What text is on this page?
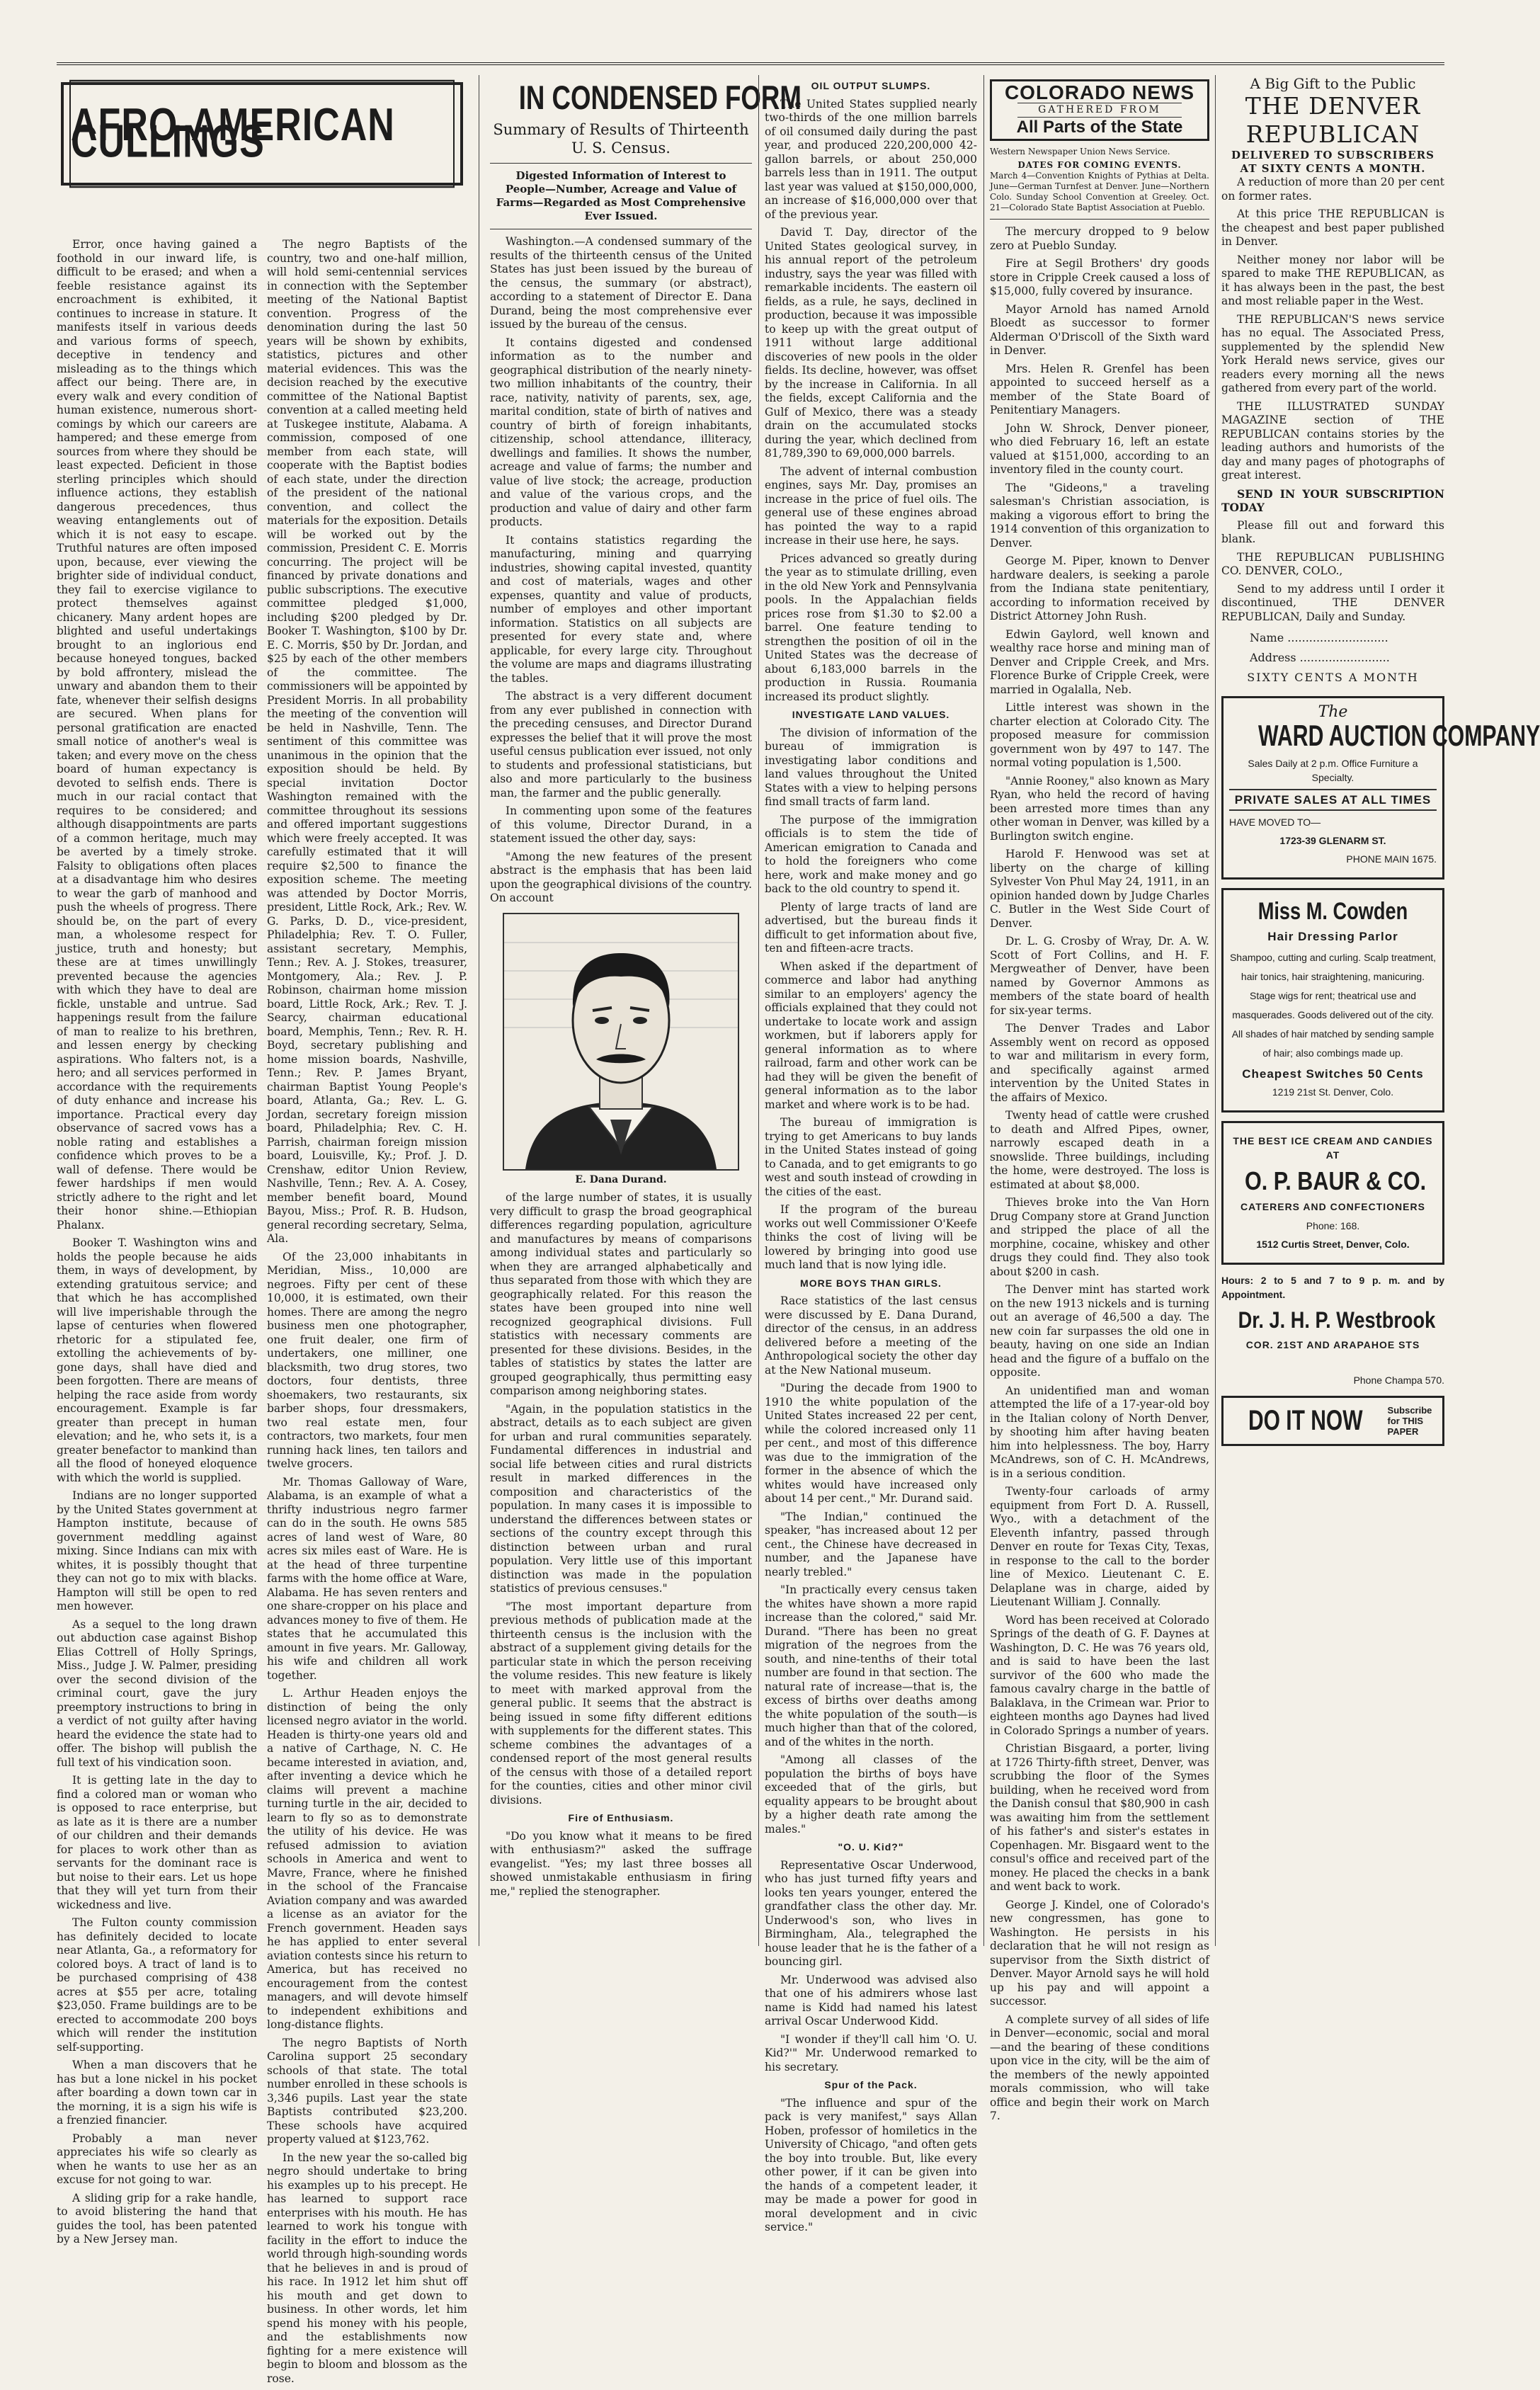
AFRO-AMERICAN CULLINGS

Error, once having gained a foothold in our inward life, is difficult to be erased; and when a feeble resistance against its encroachment is exhibited, it continues to increase in stature. It manifests itself in various deeds and various forms of speech, deceptive in tendency and misleading as to the things which affect our being. There are, in every walk and every condition of human existence, numerous short-comings by which our careers are hampered; and these emerge from sources from where they should be least expected. Deficient in those sterling principles which should influence actions, they establish dangerous precedences, thus weaving entanglements out of which it is not easy to escape. Truthful natures are often imposed upon, because, ever viewing the brighter side of individual conduct, they fail to exercise vigilance to protect themselves against chicanery. Many ardent hopes are blighted and useful undertakings brought to an inglorious end because honeyed tongues, backed by bold affrontery, mislead the unwary and abandon them to their fate, whenever their selfish designs are secured. When plans for personal gratification are enacted small notice of another's weal is taken; and every move on the chess board of human expectancy is devoted to selfish ends. There is much in our racial contact that requires to be considered; and although disappointments are parts of a common heritage, much may be averted by a timely stroke. Falsity to obligations often places at a disadvantage him who desires to wear the garb of manhood and push the wheels of progress. There should be, on the part of every man, a wholesome respect for justice, truth and honesty; but these are at times unwillingly prevented because the agencies with which they have to deal are fickle, unstable and untrue. Sad happenings result from the failure of man to realize to his brethren, and lessen energy by checking aspirations. Who falters not, is a hero; and all services performed in accordance with the requirements of duty enhance and increase his importance. Practical every day observance of sacred vows has a noble rating and establishes a confidence which proves to be a wall of defense. There would be fewer hardships if men would strictly adhere to the right and let their honor shine.—Ethiopian Phalanx.

Booker T. Washington wins and holds the people because he aids them, in ways of development, by extending gratuitous service; and that which he has accomplished will live imperishable through the lapse of centuries when flowered rhetoric for a stipulated fee, extolling the achievements of by-gone days, shall have died and been forgotten. There are means of helping the race aside from wordy encouragement. Example is far greater than precept in human elevation; and he, who sets it, is a greater benefactor to mankind than all the flood of honeyed eloquence with which the world is supplied.

Indians are no longer supported by the United States government at Hampton institute, because of government meddling against mixing. Since Indians can mix with whites, it is possibly thought that they can not go to mix with blacks. Hampton will still be open to red men however.

As a sequel to the long drawn out abduction case against Bishop Elias Cottrell of Holly Springs, Miss., Judge J. W. Palmer, presiding over the second division of the criminal court, gave the jury preemptory instructions to bring in a verdict of not guilty after having heard the evidence the state had to offer. The bishop will publish the full text of his vindication soon.

It is getting late in the day to find a colored man or woman who is opposed to race enterprise, but as late as it is there are a number of our children and their demands for places to work other than as servants for the dominant race is but noise to their ears. Let us hope that they will yet turn from their wickedness and live.

The Fulton county commission has definitely decided to locate near Atlanta, Ga., a reformatory for colored boys. A tract of land is to be purchased comprising of 438 acres at $55 per acre, totaling $23,050. Frame buildings are to be erected to accommodate 200 boys which will render the institution self-supporting.

When a man discovers that he has but a lone nickel in his pocket after boarding a down town car in the morning, it is a sign his wife is a frenzied financier.

Probably a man never appreciates his wife so clearly as when he wants to use her as an excuse for not going to war.

A sliding grip for a rake handle, to avoid blistering the hand that guides the tool, has been patented by a New Jersey man.

The negro Baptists of the country, two and one-half million, will hold semi-centennial services in connection with the September meeting of the National Baptist convention. Progress of the denomination during the last 50 years will be shown by exhibits, statistics, pictures and other material evidences. This was the decision reached by the executive committee of the National Baptist convention at a called meeting held at Tuskegee institute, Alabama. A commission, composed of one member from each state, will cooperate with the Baptist bodies of each state, under the direction of the president of the national convention, and collect the materials for the exposition. Details will be worked out by the commission, President C. E. Morris concurring. The project will be financed by private donations and public subscriptions. The executive committee pledged $1,000, including $200 pledged by Dr. Booker T. Washington, $100 by Dr. E. C. Morris, $50 by Dr. Jordan, and $25 by each of the other members of the committee. The commissioners will be appointed by President Morris. In all probability the meeting of the convention will be held in Nashville, Tenn. The sentiment of this committee was unanimous in the opinion that the exposition should be held. By special invitation Doctor Washington remained with the committee throughout its sessions and offered important suggestions which were freely accepted. It was carefully estimated that it will require $2,500 to finance the exposition scheme. The meeting was attended by Doctor Morris, president, Little Rock, Ark.; Rev. W. G. Parks, D. D., vice-president, Philadelphia; Rev. T. O. Fuller, assistant secretary, Memphis, Tenn.; Rev. A. J. Stokes, treasurer, Montgomery, Ala.; Rev. J. P. Robinson, chairman home mission board, Little Rock, Ark.; Rev. T. J. Searcy, chairman educational board, Memphis, Tenn.; Rev. R. H. Boyd, secretary publishing and home mission boards, Nashville, Tenn.; Rev. P. James Bryant, chairman Baptist Young People's board, Atlanta, Ga.; Rev. L. G. Jordan, secretary foreign mission board, Philadelphia; Rev. C. H. Parrish, chairman foreign mission board, Louisville, Ky.; Prof. J. D. Crenshaw, editor Union Review, Nashville, Tenn.; Rev. A. A. Cosey, member benefit board, Mound Bayou, Miss.; Prof. R. B. Hudson, general recording secretary, Selma, Ala.

Of the 23,000 inhabitants in Meridian, Miss., 10,000 are negroes. Fifty per cent of these 10,000, it is estimated, own their homes. There are among the negro business men one photographer, one fruit dealer, one firm of undertakers, one milliner, one blacksmith, two drug stores, two doctors, four dentists, three shoemakers, two restaurants, six barber shops, four dressmakers, two real estate men, four contractors, two markets, four men running hack lines, ten tailors and twelve grocers.

Mr. Thomas Galloway of Ware, Alabama, is an example of what a thrifty industrious negro farmer can do in the south. He owns 585 acres of land west of Ware, 80 acres six miles east of Ware. He is at the head of three turpentine farms with the home office at Ware, Alabama. He has seven renters and one share-cropper on his place and advances money to five of them. He states that he accumulated this amount in five years. Mr. Galloway, his wife and children all work together.

L. Arthur Headen enjoys the distinction of being the only licensed negro aviator in the world. Headen is thirty-one years old and a native of Carthage, N. C. He became interested in aviation, and, after inventing a device which he claims will prevent a machine turning turtle in the air, decided to learn to fly so as to demonstrate the utility of his device. He was refused admission to aviation schools in America and went to Mavre, France, where he finished in the school of the Francaise Aviation company and was awarded a license as an aviator for the French government. Headen says he has applied to enter several aviation contests since his return to America, but has received no encouragement from the contest managers, and will devote himself to independent exhibitions and long-distance flights.

The negro Baptists of North Carolina support 25 secondary schools of that state. The total number enrolled in these schools is 3,346 pupils. Last year the state Baptists contributed $23,200. These schools have acquired property valued at $123,762.

In the new year the so-called big negro should undertake to bring his examples up to his precept. He has learned to support race enterprises with his mouth. He has learned to work his tongue with facility in the effort to induce the world through high-sounding words that he believes in and is proud of his race. In 1912 let him shut off his mouth and get down to business. In other words, let him spend his money with his people, and the establishments now fighting for a mere existence will begin to bloom and blossom as the rose.

IN CONDENSED FORM
Summary of Results of Thirteenth U. S. Census.
Digested Information of Interest to People—Number, Acreage and Value of Farms—Regarded as Most Comprehensive Ever Issued.

Washington.—A condensed summary of the results of the thirteenth census of the United States has just been issued by the bureau of the census, the summary (or abstract), according to a statement of Director E. Dana Durand, being the most comprehensive ever issued by the bureau of the census.

It contains digested and condensed information as to the number and geographical distribution of the nearly ninety-two million inhabitants of the country, their race, nativity, nativity of parents, sex, age, marital condition, state of birth of natives and country of birth of foreign inhabitants, citizenship, school attendance, illiteracy, dwellings and families. It shows the number, acreage and value of farms; the number and value of live stock; the acreage, production and value of the various crops, and the production and value of dairy and other farm products.

It contains statistics regarding the manufacturing, mining and quarrying industries, showing capital invested, quantity and cost of materials, wages and other expenses, quantity and value of products, number of employes and other important information. Statistics on all subjects are presented for every state and, where applicable, for every large city. Throughout the volume are maps and diagrams illustrating the tables.

The abstract is a very different document from any ever published in connection with the preceding censuses, and Director Durand expresses the belief that it will prove the most useful census publication ever issued, not only to students and professional statisticians, but also and more particularly to the business man, the farmer and the public generally.

In commenting upon some of the features of this volume, Director Durand, in a statement issued the other day, says:

"Among the new features of the present abstract is the emphasis that has been laid upon the geographical divisions of the country. On account

E. Dana Durand.

of the large number of states, it is usually very difficult to grasp the broad geographical differences regarding population, agriculture and manufactures by means of comparisons among individual states and particularly so when they are arranged alphabetically and thus separated from those with which they are geographically related. For this reason the states have been grouped into nine well recognized geographical divisions. Full statistics with necessary comments are presented for these divisions. Besides, in the tables of statistics by states the latter are grouped geographically, thus permitting easy comparison among neighboring states.

"Again, in the population statistics in the abstract, details as to each subject are given for urban and rural communities separately. Fundamental differences in industrial and social life between cities and rural districts result in marked differences in the composition and characteristics of the population. In many cases it is impossible to understand the differences between states or sections of the country except through this distinction between urban and rural population. Very little use of this important distinction was made in the population statistics of previous censuses."

"The most important departure from previous methods of publication made at the thirteenth census is the inclusion with the abstract of a supplement giving details for the particular state in which the person receiving the volume resides. This new feature is likely to meet with marked approval from the general public. It seems that the abstract is being issued in some fifty different editions with supplements for the different states. This scheme combines the advantages of a condensed report of the most general results of the census with those of a detailed report for the counties, cities and other minor civil divisions.

Fire of Enthusiasm.

"Do you know what it means to be fired with enthusiasm?" asked the suffrage evangelist. "Yes; my last three bosses all showed unmistakable enthusiasm in firing me," replied the stenographer.

OIL OUTPUT SLUMPS.

The United States supplied nearly two-thirds of the one million barrels of oil consumed daily during the past year, and produced 220,200,000 42-gallon barrels, or about 250,000 barrels less than in 1911. The output last year was valued at $150,000,000, an increase of $16,000,000 over that of the previous year.

David T. Day, director of the United States geological survey, in his annual report of the petroleum industry, says the year was filled with remarkable incidents. The eastern oil fields, as a rule, he says, declined in production, because it was impossible to keep up with the great output of 1911 without large additional discoveries of new pools in the older fields. Its decline, however, was offset by the increase in California. In all the fields, except California and the Gulf of Mexico, there was a steady drain on the accumulated stocks during the year, which declined from 81,789,390 to 69,000,000 barrels.

The advent of internal combustion engines, says Mr. Day, promises an increase in the price of fuel oils. The general use of these engines abroad has pointed the way to a rapid increase in their use here, he says.

Prices advanced so greatly during the year as to stimulate drilling, even in the old New York and Pennsylvania pools. In the Appalachian fields prices rose from $1.30 to $2.00 a barrel. One feature tending to strengthen the position of oil in the United States was the decrease of about 6,183,000 barrels in the production in Russia. Roumania increased its product slightly.

INVESTIGATE LAND VALUES.

The division of information of the bureau of immigration is investigating labor conditions and land values throughout the United States with a view to helping persons find small tracts of farm land.

The purpose of the immigration officials is to stem the tide of American emigration to Canada and to hold the foreigners who come here, work and make money and go back to the old country to spend it.

Plenty of large tracts of land are advertised, but the bureau finds it difficult to get information about five, ten and fifteen-acre tracts.

When asked if the department of commerce and labor had anything similar to an employers' agency the officials explained that they could not undertake to locate work and assign workmen, but if laborers apply for general information as to where railroad, farm and other work can be had they will be given the benefit of general information as to the labor market and where work is to be had.

The bureau of immigration is trying to get Americans to buy lands in the United States instead of going to Canada, and to get emigrants to go west and south instead of crowding in the cities of the east.

If the program of the bureau works out well Commissioner O'Keefe thinks the cost of living will be lowered by bringing into good use much land that is now lying idle.

MORE BOYS THAN GIRLS.

Race statistics of the last census were discussed by E. Dana Durand, director of the census, in an address delivered before a meeting of the Anthropological society the other day at the New National museum.

"During the decade from 1900 to 1910 the white population of the United States increased 22 per cent, while the colored increased only 11 per cent., and most of this difference was due to the immigration of the former in the absence of which the whites would have increased only about 14 per cent.," Mr. Durand said.

"The Indian," continued the speaker, "has increased about 12 per cent., the Chinese have decreased in number, and the Japanese have nearly trebled."

"In practically every census taken the whites have shown a more rapid increase than the colored," said Mr. Durand. "There has been no great migration of the negroes from the south, and nine-tenths of their total number are found in that section. The natural rate of increase—that is, the excess of births over deaths among the white population of the south—is much higher than that of the colored, and of the whites in the north.

"Among all classes of the population the births of boys have exceeded that of the girls, but equality appears to be brought about by a higher death rate among the males."

"O. U. Kid?"

Representative Oscar Underwood, who has just turned fifty years and looks ten years younger, entered the grandfather class the other day. Mr. Underwood's son, who lives in Birmingham, Ala., telegraphed the house leader that he is the father of a bouncing girl.

Mr. Underwood was advised also that one of his admirers whose last name is Kidd had named his latest arrival Oscar Underwood Kidd.

"I wonder if they'll call him 'O. U. Kid?'" Mr. Underwood remarked to his secretary.

Spur of the Pack.

"The influence and spur of the pack is very manifest," says Allan Hoben, professor of homiletics in the University of Chicago, "and often gets the boy into trouble. But, like every other power, if it can be given into the hands of a competent leader, it may be made a power for good in moral development and in civic service."

COLORADO NEWS
GATHERED FROM
All Parts of the State
Western Newspaper Union News Service.
DATES FOR COMING EVENTS.
March 4—Convention Knights of Pythias at Delta. June—German Turnfest at Denver. June—Northern Colo. Sunday School Convention at Greeley. Oct. 21—Colorado State Baptist Association at Pueblo.

The mercury dropped to 9 below zero at Pueblo Sunday.

Fire at Segil Brothers' dry goods store in Cripple Creek caused a loss of $15,000, fully covered by insurance.

Mayor Arnold has named Arnold Bloedt as successor to former Alderman O'Driscoll of the Sixth ward in Denver.

Mrs. Helen R. Grenfel has been appointed to succeed herself as a member of the State Board of Penitentiary Managers.

John W. Shrock, Denver pioneer, who died February 16, left an estate valued at $151,000, according to an inventory filed in the county court.

The "Gideons," a traveling salesman's Christian association, is making a vigorous effort to bring the 1914 convention of this organization to Denver.

George M. Piper, known to Denver hardware dealers, is seeking a parole from the Indiana state penitentiary, according to information received by District Attorney John Rush.

Edwin Gaylord, well known and wealthy race horse and mining man of Denver and Cripple Creek, and Mrs. Florence Burke of Cripple Creek, were married in Ogalalla, Neb.

Little interest was shown in the charter election at Colorado City. The proposed measure for commission government won by 497 to 147. The normal voting population is 1,500.

"Annie Rooney," also known as Mary Ryan, who held the record of having been arrested more times than any other woman in Denver, was killed by a Burlington switch engine.

Harold F. Henwood was set at liberty on the charge of killing Sylvester Von Phul May 24, 1911, in an opinion handed down by Judge Charles C. Butler in the West Side Court of Denver.

Dr. L. G. Crosby of Wray, Dr. A. W. Scott of Fort Collins, and H. F. Mergweather of Denver, have been named by Governor Ammons as members of the state board of health for six-year terms.

The Denver Trades and Labor Assembly went on record as opposed to war and militarism in every form, and specifically against armed intervention by the United States in the affairs of Mexico.

Twenty head of cattle were crushed to death and Alfred Pipes, owner, narrowly escaped death in a snowslide. Three buildings, including the home, were destroyed. The loss is estimated at about $8,000.

Thieves broke into the Van Horn Drug Company store at Grand Junction and stripped the place of all the morphine, cocaine, whiskey and other drugs they could find. They also took about $200 in cash.

The Denver mint has started work on the new 1913 nickels and is turning out an average of 46,500 a day. The new coin far surpasses the old one in beauty, having on one side an Indian head and the figure of a buffalo on the opposite.

An unidentified man and woman attempted the life of a 17-year-old boy in the Italian colony of North Denver, by shooting him after having beaten him into helplessness. The boy, Harry McAndrews, son of C. H. McAndrews, is in a serious condition.

Twenty-four carloads of army equipment from Fort D. A. Russell, Wyo., with a detachment of the Eleventh infantry, passed through Denver en route for Texas City, Texas, in response to the call to the border line of Mexico. Lieutenant C. E. Delaplane was in charge, aided by Lieutenant William J. Connally.

Word has been received at Colorado Springs of the death of G. F. Daynes at Washington, D. C. He was 76 years old, and is said to have been the last survivor of the 600 who made the famous cavalry charge in the battle of Balaklava, in the Crimean war. Prior to eighteen months ago Daynes had lived in Colorado Springs a number of years.

Christian Bisgaard, a porter, living at 1726 Thirty-fifth street, Denver, was scrubbing the floor of the Symes building, when he received word from the Danish consul that $80,900 in cash was awaiting him from the settlement of his father's and sister's estates in Copenhagen. Mr. Bisgaard went to the consul's office and received part of the money. He placed the checks in a bank and went back to work.

George J. Kindel, one of Colorado's new congressmen, has gone to Washington. He persists in his declaration that he will not resign as supervisor from the Sixth district of Denver. Mayor Arnold says he will hold up his pay and will appoint a successor.

A complete survey of all sides of life in Denver—economic, social and moral—and the bearing of these conditions upon vice in the city, will be the aim of the members of the newly appointed morals commission, who will take office and begin their work on March 7.

A Big Gift to the Public
THE DENVER REPUBLICAN
DELIVERED TO SUBSCRIBERS AT SIXTY CENTS A MONTH.

A reduction of more than 20 per cent on former rates.

At this price THE REPUBLICAN is the cheapest and best paper published in Denver.

Neither money nor labor will be spared to make THE REPUBLICAN, as it has always been in the past, the best and most reliable paper in the West.

THE REPUBLICAN'S news service has no equal. The Associated Press, supplemented by the splendid New York Herald news service, gives our readers every morning all the news gathered from every part of the world.

THE ILLUSTRATED SUNDAY MAGAZINE section of THE REPUBLICAN contains stories by the leading authors and humorists of the day and many pages of photographs of great interest.

SEND IN YOUR SUBSCRIPTION TODAY

Please fill out and forward this blank.

THE REPUBLICAN PUBLISHING CO. DENVER, COLO.,

Send to my address until I order it discontinued, THE DENVER REPUBLICAN, Daily and Sunday.

Name ............................
Address .........................
SIXTY CENTS A MONTH
The
WARD AUCTION COMPANY
Sales Daily at 2 p.m. Office Furniture a Specialty.
PRIVATE SALES AT ALL TIMES
HAVE MOVED TO—
1723-39 GLENARM ST.
PHONE MAIN 1675.
Miss M. Cowden
Hair Dressing Parlor
Shampoo, cutting and curling. Scalp treatment, hair tonics, hair straightening, manicuring. Stage wigs for rent; theatrical use and masquerades. Goods delivered out of the city. All shades of hair matched by sending sample of hair; also combings made up.
Cheapest Switches 50 Cents
1219 21st St. Denver, Colo.
THE BEST ICE CREAM AND CANDIES AT
O. P. BAUR & CO.
CATERERS AND CONFECTIONERS
Phone: 168.
1512 Curtis Street, Denver, Colo.
Hours: 2 to 5 and 7 to 9 p. m. and by Appointment.
Dr. J. H. P. Westbrook
COR. 21ST AND ARAPAHOE STS
Phone Champa 570.
DO IT NOW	Subscribe for THIS PAPER
